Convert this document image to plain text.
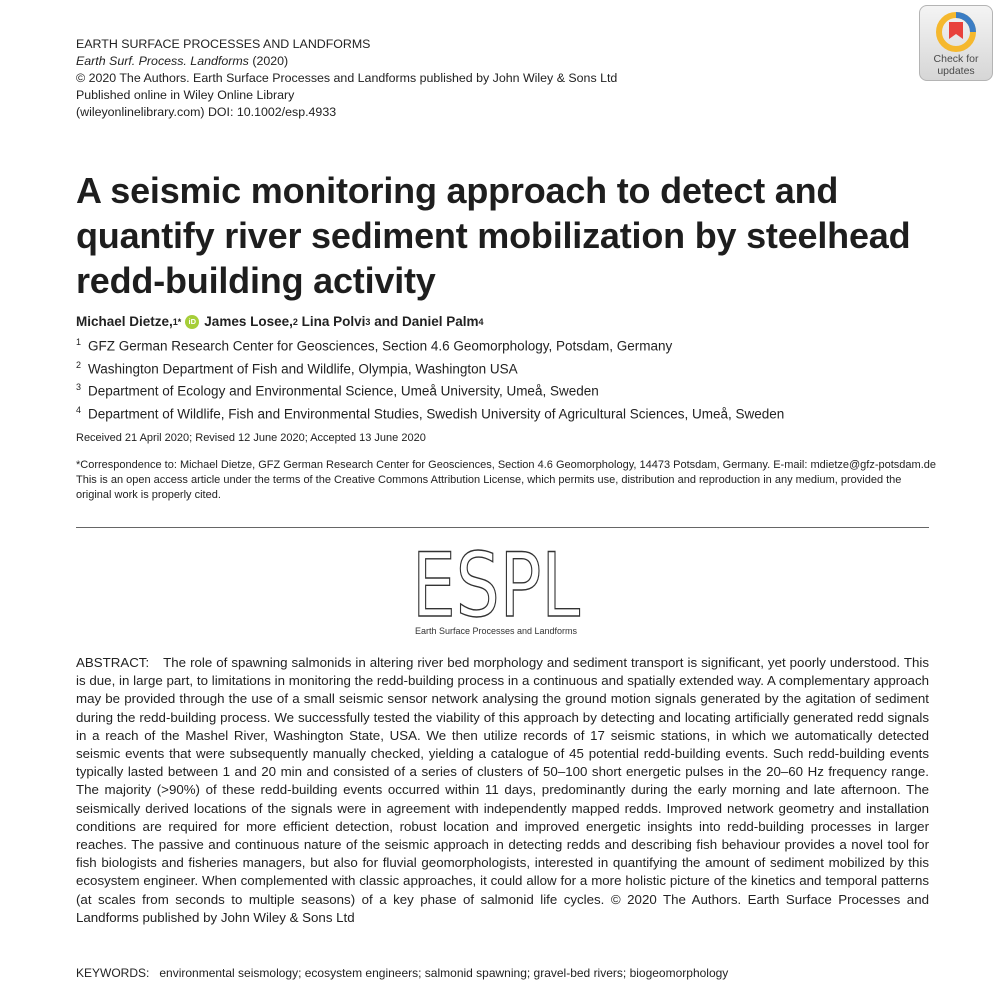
EARTH SURFACE PROCESSES AND LANDFORMS
Earth Surf. Process. Landforms (2020)
© 2020 The Authors. Earth Surface Processes and Landforms published by John Wiley & Sons Ltd
Published online in Wiley Online Library
(wileyonlinelibrary.com) DOI: 10.1002/esp.4933
Check for
updates
A seismic monitoring approach to detect and quantify river sediment mobilization by steelhead redd-building activity
Michael Dietze, 1* iD James Losee, 2
Lina Polvi 3
and Daniel Palm 4
$^1$ GFZ German Research Center for Geosciences, Section 4.6 Geomorphology, Potsdam, Germany
$^2$ Washington Department of Fish and Wildlife, Olympia, Washington USA
$^3$ Department of Ecology and Environmental Science, Umeå University, Umeå, Sweden
$^4$ Department of Wildlife, Fish and Environmental Studies, Swedish University of Agricultural Sciences, Umeå, Sweden
Received 21 April 2020; Revised 12 June 2020; Accepted 13 June 2020
*Correspondence to: Michael Dietze, GFZ German Research Center for Geosciences, Section 4.6 Geomorphology, 14473 Potsdam, Germany. E-mail: mdietze@gfz-potsdam.de
This is an open access article under the terms of the Creative Commons Attribution License, which permits use, distribution and reproduction in any medium, provided the original work is properly cited.
ESPL
Earth Surface Processes and Landforms

ABSTRACT: The role of spawning salmonids in altering river bed morphology and sediment transport is significant, yet poorly understood. This is due, in large part, to limitations in monitoring the redd-building process in a continuous and spatially extended way. A complementary approach may be provided through the use of a small seismic sensor network analysing the ground motion signals generated by the agitation of sediment during the redd-building process. We successfully tested the viability of this approach by detecting and locating artificially generated redd signals in a reach of the Mashel River, Washington State, USA. We then utilize records of 17 seismic stations, in which we automatically detected seismic events that were subsequently manually checked, yielding a catalogue of 45 potential redd-building events. Such redd-building events typically lasted between 1 and 20 min and consisted of a series of clusters of 50–100 short energetic pulses in the 20–60 Hz frequency range. The majority (>90%) of these redd-building events occurred within 11 days, predominantly during the early morning and late afternoon. The seismically derived locations of the signals were in agreement with independently mapped redds. Improved network geometry and installation conditions are required for more efficient detection, robust location and improved energetic insights into redd-building processes in larger reaches. The passive and continuous nature of the seismic approach in detecting redds and describing fish behaviour provides a novel tool for fish biologists and fisheries managers, but also for fluvial geomorphologists, interested in quantifying the amount of sediment mobilized by this ecosystem engineer. When complemented with classic approaches, it could allow for a more holistic picture of the kinetics and temporal patterns (at scales from seconds to multiple seasons) of a key phase of salmonid life cycles. © 2020 The Authors. Earth Surface Processes and Landforms published by John Wiley & Sons Ltd

KEYWORDS: environmental seismology; ecosystem engineers; salmonid spawning; gravel-bed rivers; biogeomorphology
